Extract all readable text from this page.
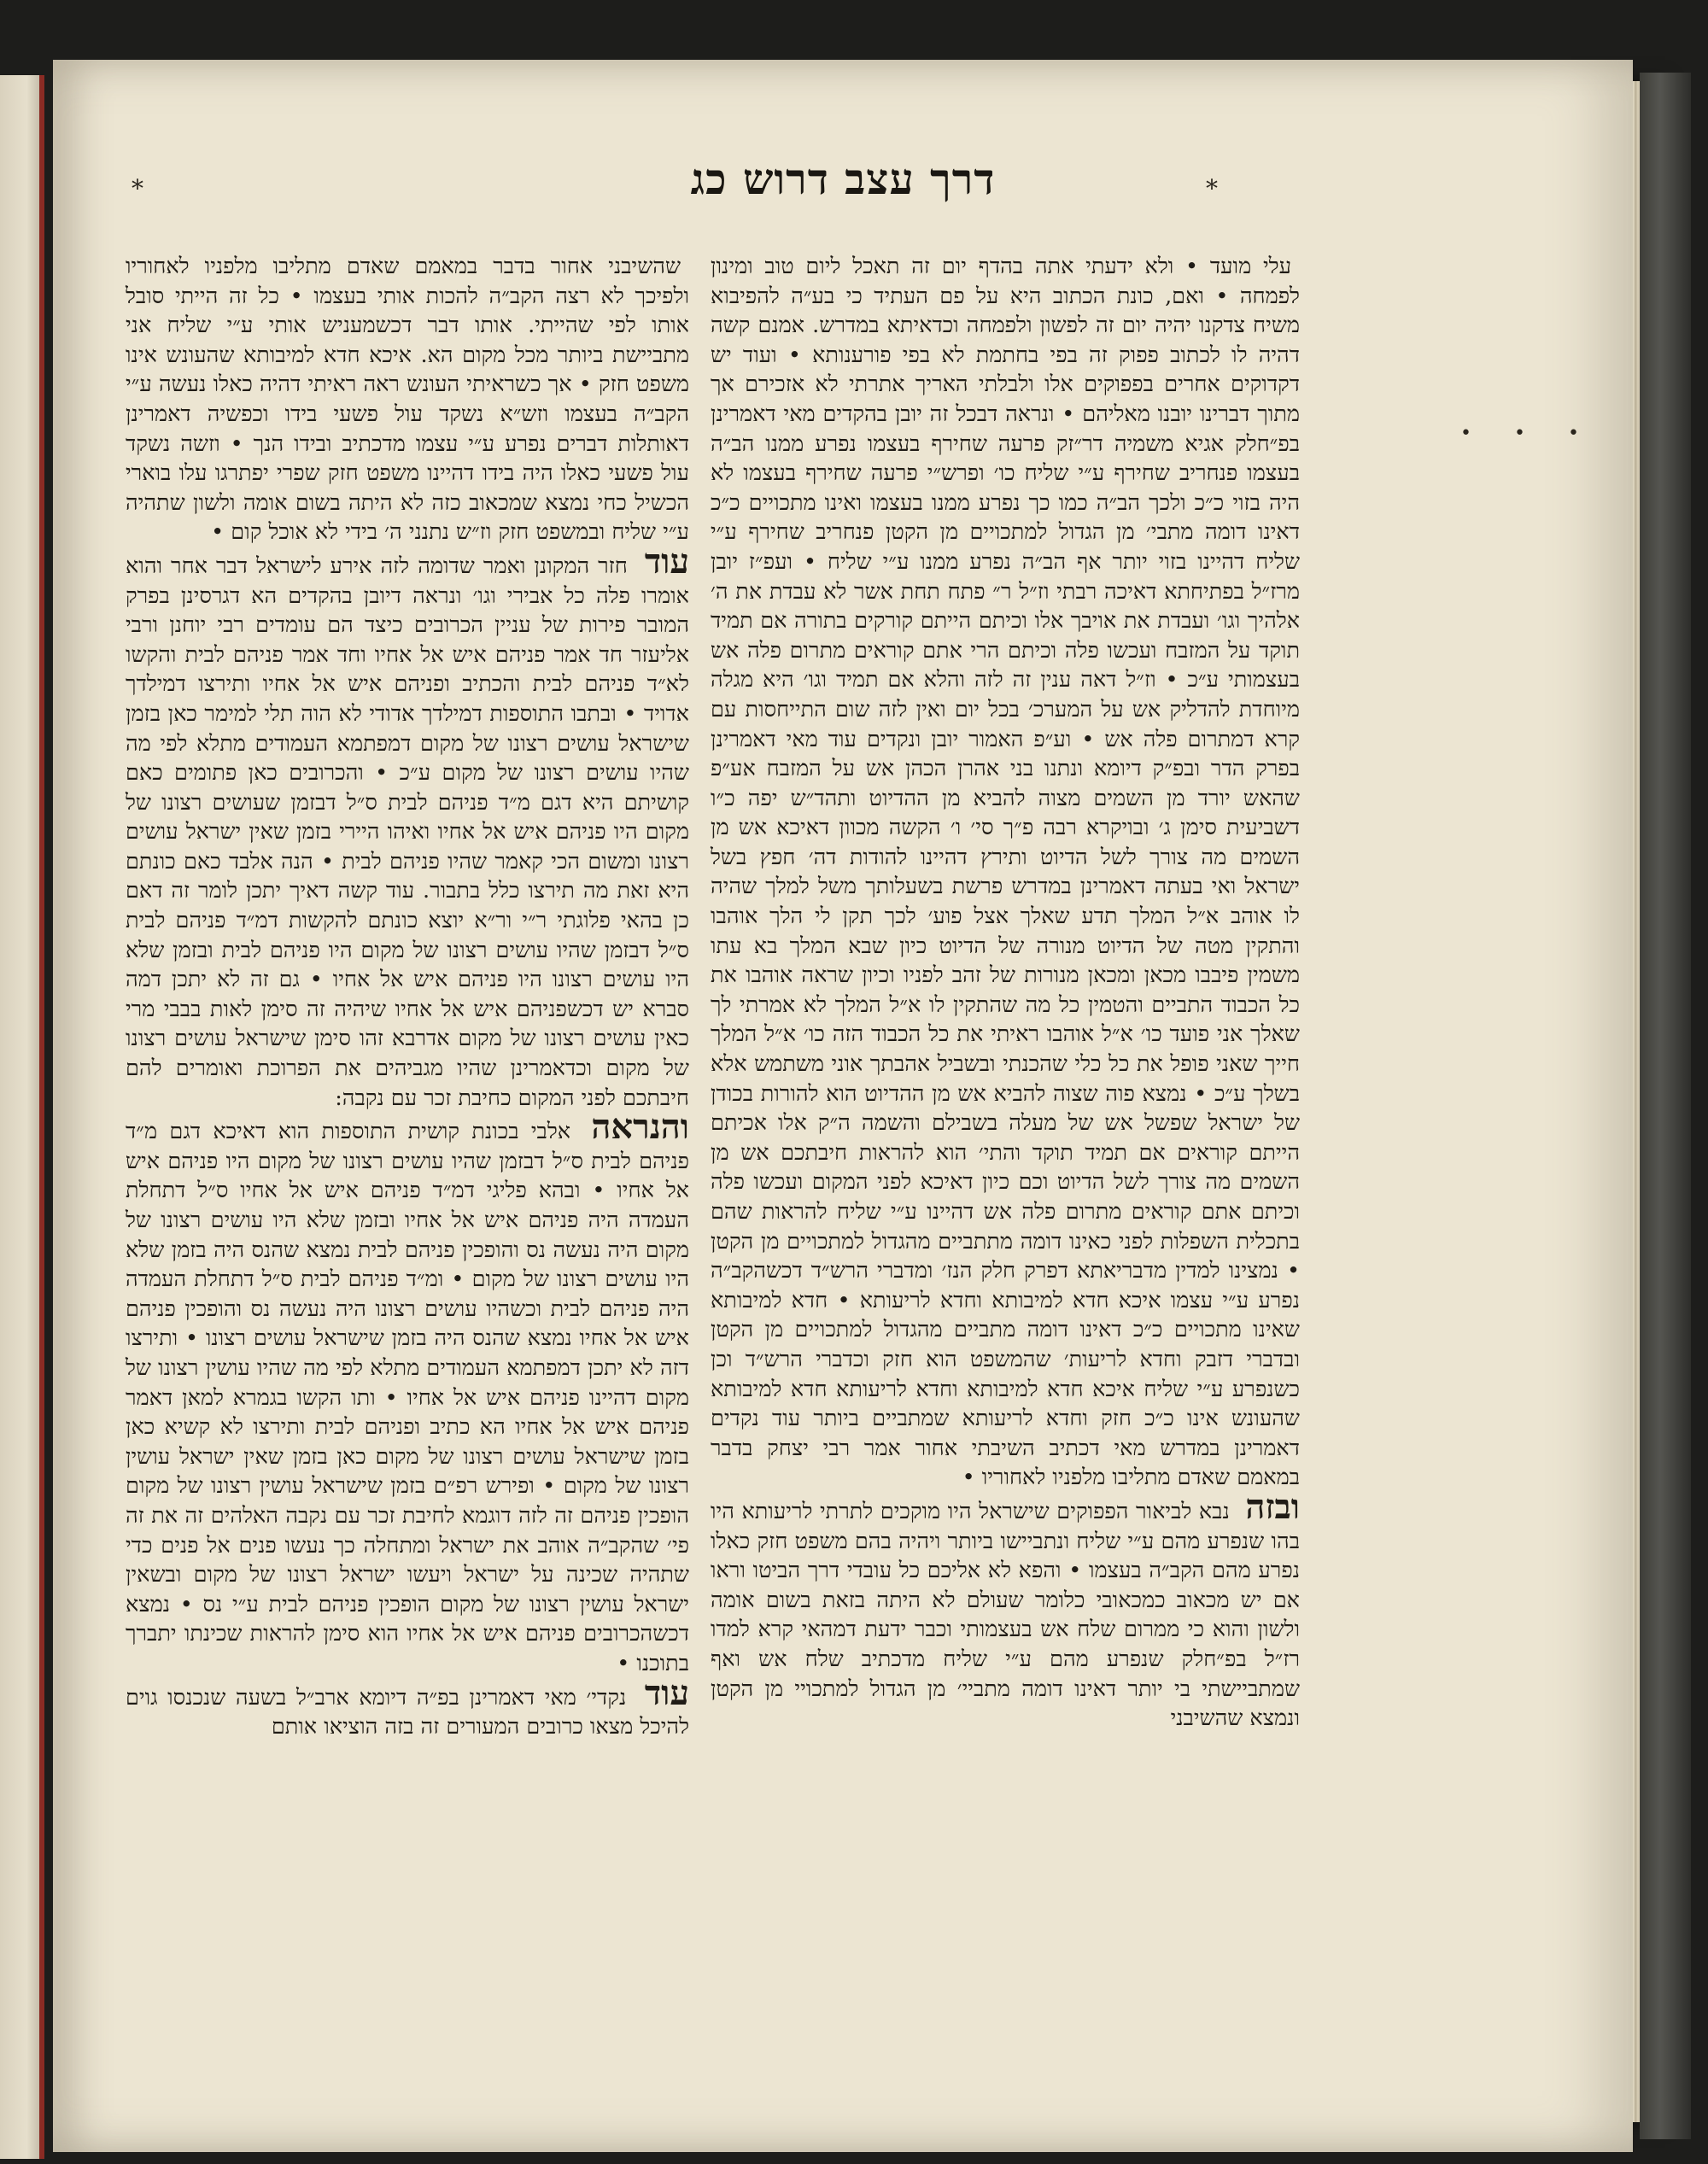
⁎	⁎
דרך עצב דרוש כג

עלי מועד • ולא ידעתי אתה בהדף יום זה תאכל ליום טוב ומינון לפמחה • ואם, כונת הכתוב היא על פם העתיד כי בע״ה להפיבוא משיח צדקנו יהיה יום זה לפשון ולפמחה וכדאיתא במדרש. אמנם קשה דהיה לו לכתוב פפוק זה בפי בחתמת לא בפי פורענותא • ועוד יש דקדוקים אחרים בפפוקים אלו ולבלתי האריך אתרתי לא אזכירם אך מתוך דברינו יובנו מאליהם • ונראה דבכל זה יובן בהקדים מאי דאמרינן בפ״חלק אגיא משמיה דר״זק פרעה שחירף בעצמו נפרע ממנו הב״ה בעצמו פנחריב שחירף ע״י שליח כו׳ ופרש״י פרעה שחירף בעצמו לא היה בזוי כ״כ ולכך הב״ה כמו כך נפרע ממנו בעצמו ואינו מתכויים כ״כ דאינו דומה מתבי׳ מן הגדול למתכויים מן הקטן פנחריב שחירף ע״י שליח דהיינו בזוי יותר אף הב״ה נפרע ממנו ע״י שליח • ועפ״ז יובן מרז״ל בפתיחתא דאיכה רבתי וז״ל ר״ פתח תחת אשר לא עבדת את ה׳ אלהיך וגו׳ ועבדת את אויבך אלו וכיתם הייתם קורקים בתורה אם תמיד תוקד על המזבח ועכשו פלה וכיתם הרי אתם קוראים מתרום פלה אש בעצמותי ע״כ • וז״ל דאה ענין זה לזה והלא אם תמיד וגו׳ היא מגלה מיוחדת להדליק אש על המערכ׳ בכל יום ואין לזה שום התייחסות עם קרא דמתרום פלה אש • וע״פ האמור יובן ונקדים עוד מאי דאמרינן בפרק הדר ובפ״ק דיומא ונתנו בני אהרן הכהן אש על המזבח אע״פ שהאש יורד מן השמים מצוה להביא מן ההדיוט ותהד״ש יפה כ״ו דשביעית סימן ג׳ ובויקרא רבה פ״ך סי׳ ו׳ הקשה מכוון דאיכא אש מן השמים מה צורך לשל הדיוט ותירץ דהיינו להודות דה׳ חפץ בשל ישראל ואי בעתה דאמרינן במדרש פרשת בשעלותך משל למלך שהיה לו אוהב א״ל המלך תדע שאלך אצל פוע׳ לכך תקן לי הלך אוהבו והתקין מטה של הדיוט מנורה של הדיוט כיון שבא המלך בא עתו משמין פיבבו מכאן ומכאן מנורות של זהב לפניו וכיון שראה אוהבו את כל הכבוד התביים והטמין כל מה שהתקין לו א״ל המלך לא אמרתי לך שאלך אני פועד כו׳ א״ל אוהבו ראיתי את כל הכבוד הזה כו׳ א״ל המלך חייך שאני פופל את כל כלי שהכנתי ובשביל אהבתך אוני משתמש אלא בשלך ע״כ • נמצא פוה שצוה להביא אש מן ההדיוט הוא להורות בכודן של ישראל שפשל אש של מעלה בשבילם והשמה ה״ק אלו אכיתם הייתם קוראים אם תמיד תוקד והתי׳ הוא להראות חיבתכם אש מן השמים מה צורך לשל הדיוט וכם כיון דאיכא לפני המקום ועכשו פלה וכיתם אתם קוראים מתרום פלה אש דהיינו ע״י שליח להראות שהם בתכלית השפלות לפני כאינו דומה מתתביים מהגדול למתכויים מן הקטן • נמצינו למדין מדבריאתא דפרק חלק הנז׳ ומדברי הרש״ד דכשהקב״ה נפרע ע״י עצמו איכא חדא למיבותא וחדא לריעותא • חדא למיבותא שאינו מתכויים כ״כ דאינו דומה מתביים מהגדול למתכויים מן הקטן ובדברי דזבק וחדא לריעות׳ שהמשפט הוא חזק וכדברי הרש״ד וכן כשנפרע ע״י שליח איכא חדא למיבותא וחדא לריעותא חדא למיבותא שהעונש אינו כ״כ חזק וחדא לריעותא שמתביים ביותר עוד נקדים דאמרינן במדרש מאי דכתיב השיבתי אחור אמר רבי יצחק בדבר במאמם שאדם מתליבו מלפניו לאחוריו •

ובזה נבא לביאור הפפוקים שישראל היו מוקכים לתרתי לריעותא היו בהו שנפרע מהם ע״י שליח ונתביישו ביותר ויהיה בהם משפט חזק כאלו נפרע מהם הקב״ה בעצמו • והפא לא אליכם כל עובדי דרך הביטו וראו אם יש מכאוב כמכאובי כלומר שעולם לא היתה בזאת בשום אומה ולשון והוא כי ממרום שלח אש בעצמותי וכבר ידעת דמהאי קרא למדו רז״ל בפ״חלק שנפרע מהם ע״י שליח מדכתיב שלח אש ואף שמתביישתי בי יותר דאינו דומה מתביי׳ מן הגדול למתכויי מן הקטן ונמצא שהשיבני

שהשיבני אחור בדבר במאמם שאדם מתליבו מלפניו לאחוריו ולפיכך לא רצה הקב״ה להכות אותי בעצמו • כל זה הייתי סובל אותו לפי שהייתי. אותו דבר דכשמעניש אותי ע״י שליח אני מתביישת ביותר מכל מקום הא. איכא חדא למיבותא שהעונש אינו משפט חזק • אך כשראיתי העונש ראה ראיתי דהיה כאלו נעשה ע״י הקב״ה בעצמו וזש״א נשקד עול פשעי בידו וכפשיה דאמרינן דאותלות דברים נפרע ע״י עצמו מדכתיב ובידו הנך • וזשה נשקד עול פשעי כאלו היה בידו דהיינו משפט חזק שפרי יפתרגו עלו בוארי הכשיל כחי נמצא שמכאוב כזה לא היתה בשום אומה ולשון שתהיה ע״י שליח ובמשפט חזק וז״ש נתנני ה׳ בידי לא אוכל קום •

עוד חזר המקונן ואמר שדומה לזה אירע לישראל דבר אחר והוא אומרו פלה כל אבירי וגו׳ ונראה דיובן בהקדים הא דגרסינן בפרק המובר פירות של עניין הכרובים כיצד הם עומדים רבי יוחנן ורבי אליעזר חד אמר פניהם איש אל אחיו וחד אמר פניהם לבית והקשו לא״ד פניהם לבית והכתיב ופניהם איש אל אחיו ותירצו דמילדך אדויד • ובתבו התוספות דמילדך אדודי לא הוה תלי למימר כאן בזמן שישראל עושים רצונו של מקום דמפתמא העמודים מתלא לפי מה שהיו עושים רצונו של מקום ע״כ • והכרובים כאן פתומים כאם קושיתם היא דגם מ״ד פניהם לבית ס״ל דבזמן שעושים רצונו של מקום היו פניהם איש אל אחיו ואיהו היירי בזמן שאין ישראל עושים רצונו ומשום הכי קאמר שהיו פניהם לבית • הנה אלבד כאם כונתם היא זאת מה תירצו כלל בתבור. עוד קשה דאיך יתכן לומר זה דאם כן בהאי פלוגתי ר״י ור״א יוצא כונתם להקשות דמ״ד פניהם לבית ס״ל דבזמן שהיו עושים רצונו של מקום היו פניהם לבית ובזמן שלא היו עושים רצונו היו פניהם איש אל אחיו • גם זה לא יתכן דמה סברא יש דכשפניהם איש אל אחיו שיהיה זה סימן לאות בבבי מרי כאין עושים רצונו של מקום אדרבא זהו סימן שישראל עושים רצונו של מקום וכדאמרינן שהיו מגביהים את הפרוכת ואומרים להם חיבתכם לפני המקום כחיבת זכר עם נקבה:

והנראה אלבי בכונת קושית התוספות הוא דאיכא דגם מ״ד פניהם לבית ס״ל דבזמן שהיו עושים רצונו של מקום היו פניהם איש אל אחיו • ובהא פליגי דמ״ד פניהם איש אל אחיו ס״ל דתחלת העמדה היה פניהם איש אל אחיו ובזמן שלא היו עושים רצונו של מקום היה נעשה נס והופכין פניהם לבית נמצא שהנס היה בזמן שלא היו עושים רצונו של מקום • ומ״ד פניהם לבית ס״ל דתחלת העמדה היה פניהם לבית וכשהיו עושים רצונו היה נעשה נס והופכין פניהם איש אל אחיו נמצא שהנס היה בזמן שישראל עושים רצונו • ותירצו דזה לא יתכן דמפתמא העמודים מתלא לפי מה שהיו עושין רצונו של מקום דהיינו פניהם איש אל אחיו • ותו הקשו בגמרא למאן דאמר פניהם איש אל אחיו הא כתיב ופניהם לבית ותירצו לא קשיא כאן בזמן שישראל עושים רצונו של מקום כאן בזמן שאין ישראל עושין רצונו של מקום • ופירש רפ״ם בזמן שישראל עושין רצונו של מקום הופכין פניהם זה לזה דוגמא לחיבת זכר עם נקבה האלהים זה את זה פי׳ שהקב״ה אוהב את ישראל ומתחלה כך נעשו פנים אל פנים כדי שתהיה שכינה על ישראל ויעשו ישראל רצונו של מקום ובשאין ישראל עושין רצונו של מקום הופכין פניהם לבית ע״י נס • נמצא דכשהכרובים פניהם איש אל אחיו הוא סימן להראות שכינתו יתברך בתוכנו •

עוד נקדי׳ מאי דאמרינן בפ״ה דיומא ארב״ל בשעה שנכנסו גוים להיכל מצאו כרובים המעורים זה בזה הוציאו אותם

•••
